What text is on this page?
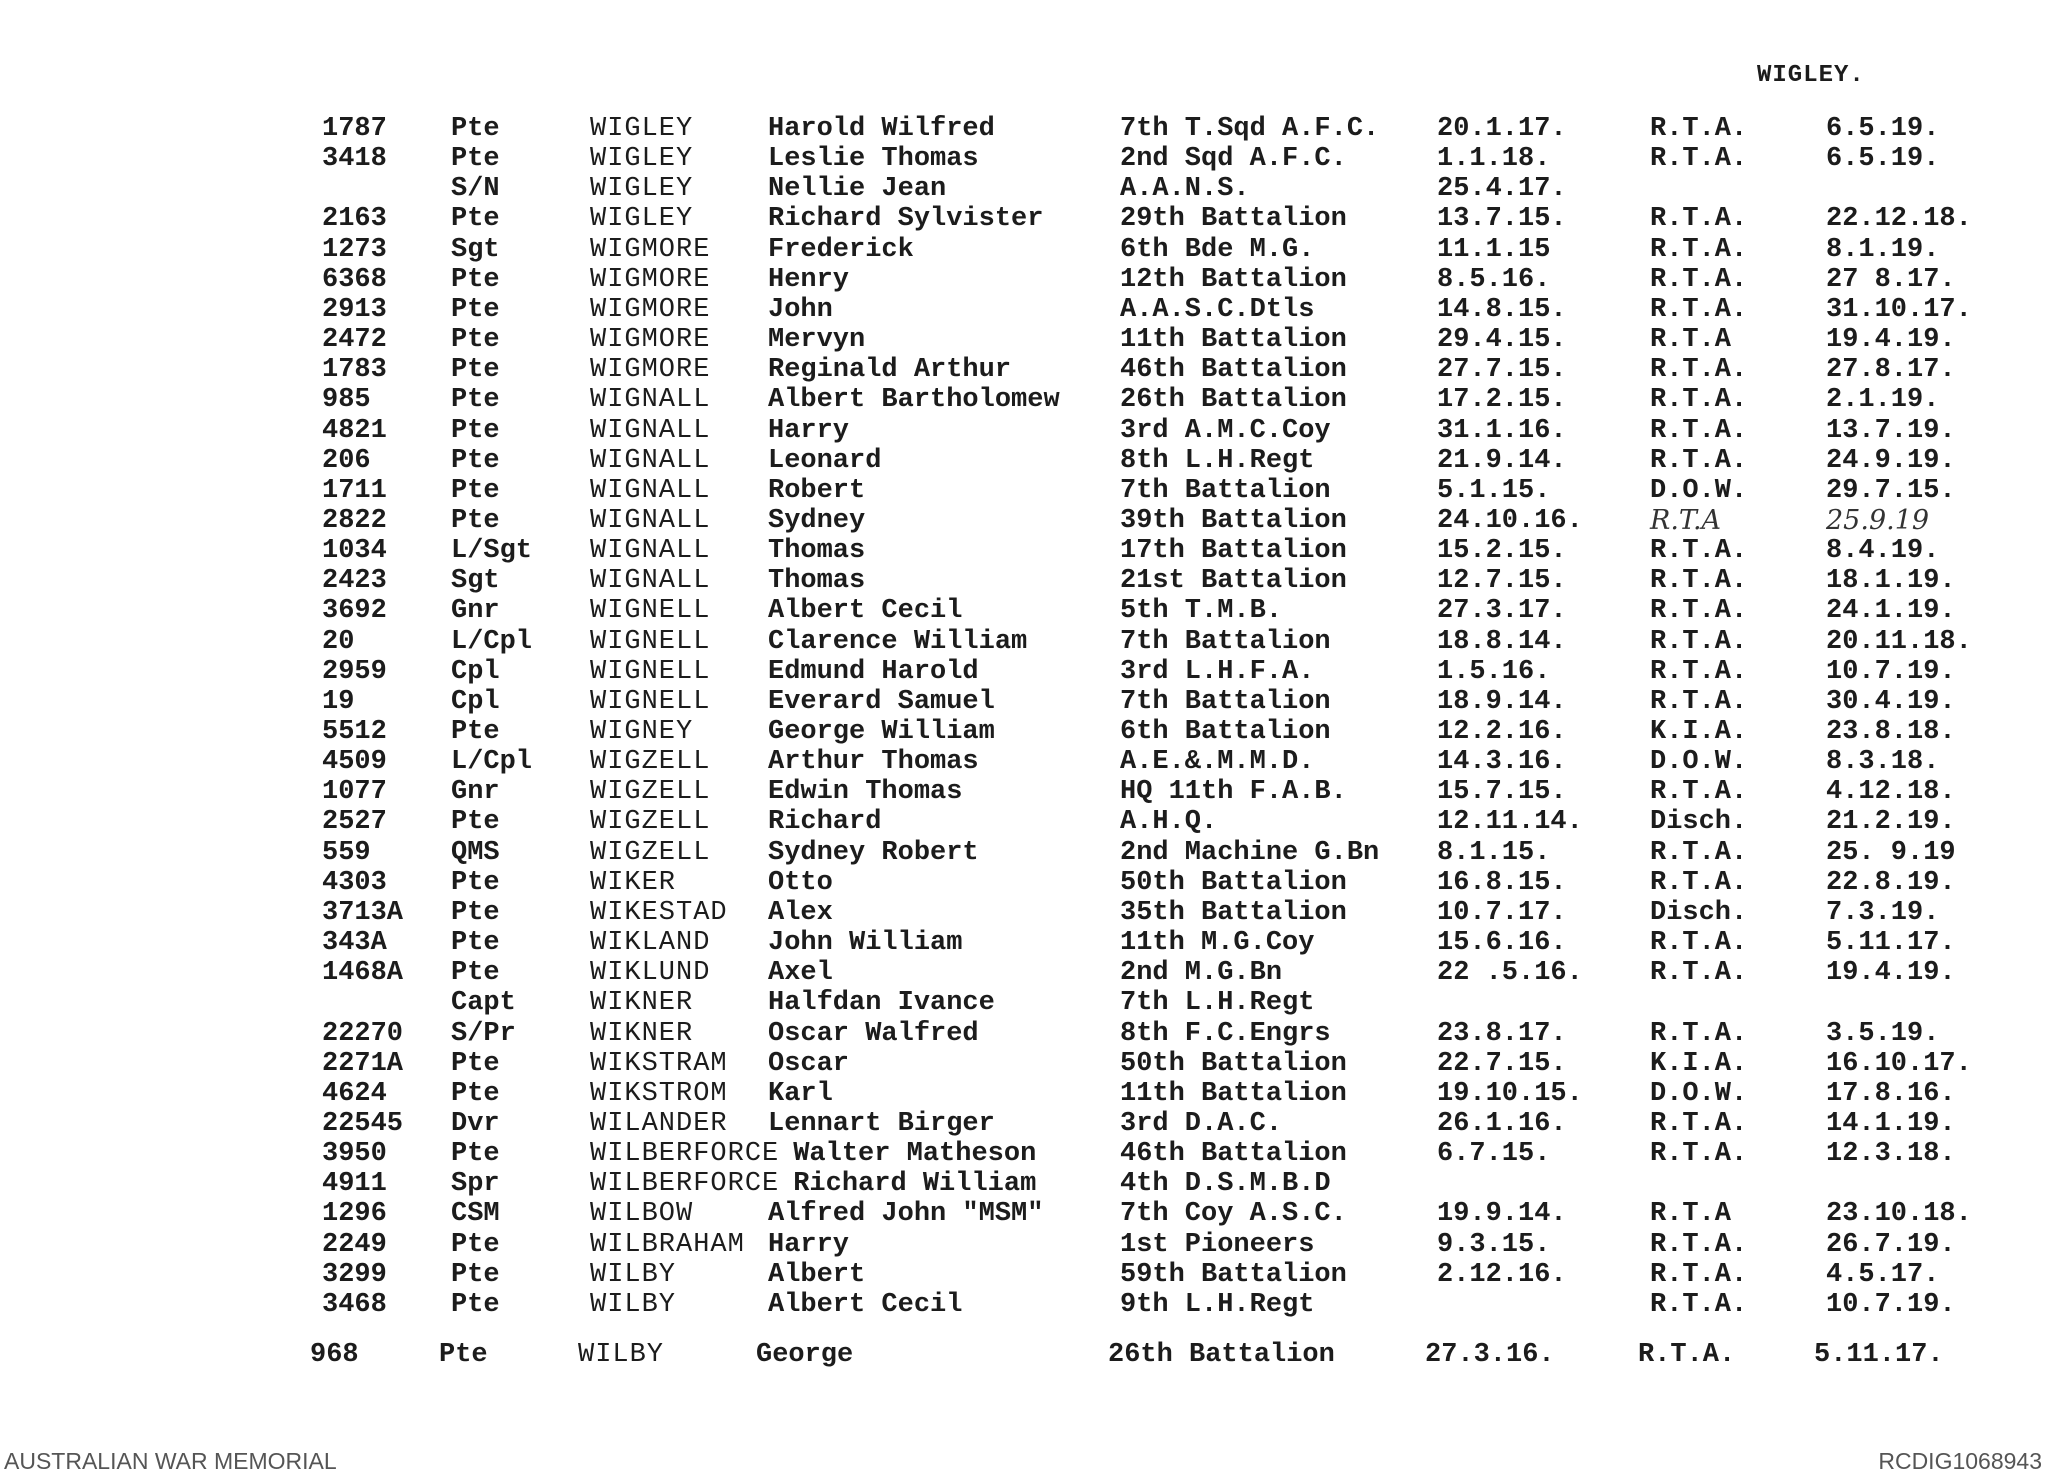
WIGLEY.
1787 Pte	WIGLEY	Harold Wilfred	7th T.Sqd A.F.C. 20.1.17.	R.T.A.	6.5.19.
3418 Pte	WIGLEY	Leslie Thomas	2nd Sqd A.F.C.	1.1.18.	R.T.A.	6.5.19.
S/N	WIGLEY	Nellie Jean	A.A.N.S.	25.4.17.
2163 Pte	WIGLEY	Richard Sylvister	29th Battalion	13.7.15.	R.T.A.	22.12.18.
1273 Sgt	WIGMORE	Frederick	6th Bde M.G.	11.1.15	R.T.A.	8.1.19.
6368 Pte	WIGMORE	Henry	12th Battalion	8.5.16.	R.T.A.	27 8.17.
2913 Pte	WIGMORE	John	A.A.S.C.Dtls	14.8.15.	R.T.A.	31.10.17.
2472 Pte	WIGMORE	Mervyn	11th Battalion	29.4.15.	R.T.A	19.4.19.
1783 Pte	WIGMORE	Reginald Arthur	46th Battalion	27.7.15.	R.T.A.	27.8.17.
985	Pte	WIGNALL	Albert Bartholomew 26th Battalion	17.2.15.	R.T.A.	2.1.19.
4821 Pte	WIGNALL	Harry	3rd A.M.C.Coy	31.1.16.	R.T.A.	13.7.19.
206	Pte	WIGNALL	Leonard	8th L.H.Regt	21.9.14.	R.T.A.	24.9.19.
1711 Pte	WIGNALL	Robert	7th Battalion	5.1.15.	D.O.W.	29.7.15.
2822 Pte	WIGNALL	Sydney	39th Battalion	24.10.16. R.T.A	25.9.19
1034 L/Sgt WIGNALL	Thomas	17th Battalion	15.2.15.	R.T.A.	8.4.19.
2423 Sgt	WIGNALL	Thomas	21st Battalion	12.7.15.	R.T.A.	18.1.19.
3692 Gnr	WIGNELL	Albert Cecil	5th T.M.B.	27.3.17.	R.T.A.	24.1.19.
20	L/Cpl WIGNELL	Clarence William	7th Battalion	18.8.14.	R.T.A.	20.11.18.
2959 Cpl	WIGNELL	Edmund Harold	3rd L.H.F.A.	1.5.16.	R.T.A.	10.7.19.
19	Cpl	WIGNELL	Everard Samuel	7th Battalion	18.9.14.	R.T.A.	30.4.19.
5512 Pte	WIGNEY	George William	6th Battalion	12.2.16.	K.I.A.	23.8.18.
4509 L/Cpl WIGZELL	Arthur Thomas	A.E.&.M.M.D.	14.3.16.	D.O.W.	8.3.18.
1077 Gnr	WIGZELL	Edwin Thomas	HQ 11th F.A.B.	15.7.15.	R.T.A.	4.12.18.
2527 Pte	WIGZELL	Richard	A.H.Q.	12.11.14. Disch.	21.2.19.
559	QMS	WIGZELL	Sydney Robert	2nd Machine G.Bn 8.1.15.	R.T.A.	25. 9.19
4303 Pte	WIKER	Otto	50th Battalion	16.8.15.	R.T.A.	22.8.19.
3713A Pte	WIKESTAD	Alex	35th Battalion	10.7.17.	Disch.	7.3.19.
343A Pte	WIKLAND	John William	11th M.G.Coy	15.6.16.	R.T.A.	5.11.17.
1468A Pte	WIKLUND	Axel	2nd M.G.Bn	22 .5.16. R.T.A.	19.4.19.
Capt	WIKNER	Halfdan Ivance	7th L.H.Regt
22270 S/Pr	WIKNER	Oscar Walfred	8th F.C.Engrs	23.8.17.	R.T.A.	3.5.19.
2271A Pte	WIKSTRAM	Oscar	50th Battalion	22.7.15.	K.I.A.	16.10.17.
4624 Pte	WIKSTROM	Karl	11th Battalion	19.10.15. D.O.W.	17.8.16.
22545 Dvr	WILANDER	Lennart Birger	3rd D.A.C.	26.1.16.	R.T.A.	14.1.19.
3950 Pte	WILBERFORCE Walter Matheson	46th Battalion	6.7.15.	R.T.A.	12.3.18.
4911 Spr	WILBERFORCE Richard William	4th D.S.M.B.D
1296 CSM	WILBOW	Alfred John "MSM"	7th Coy A.S.C.	19.9.14.	R.T.A	23.10.18.
2249 Pte	WILBRAHAM Harry	1st Pioneers	9.3.15.	R.T.A.	26.7.19.
3299 Pte	WILBY	Albert	59th Battalion	2.12.16.	R.T.A.	4.5.17.
3468 Pte	WILBY	Albert Cecil	9th L.H.Regt	R.T.A.	10.7.19.
968	Pte	WILBY	George	26th Battalion	27.3.16.	R.T.A.	5.11.17.
AUSTRALIAN WAR MEMORIAL	RCDIG1068943
